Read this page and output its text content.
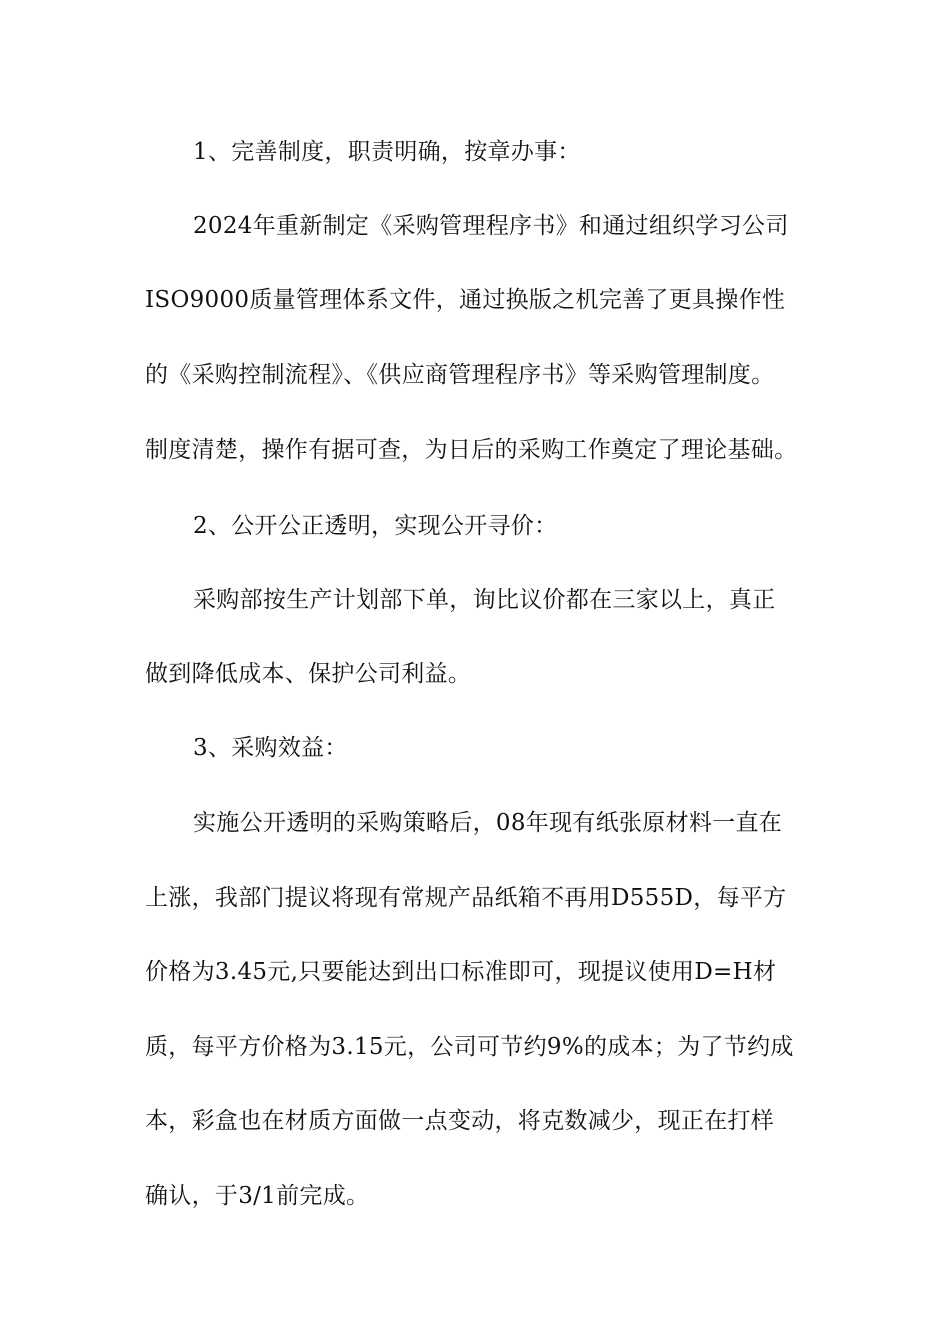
1、完善制度，职责明确，按章办事：
2024年重新制定《采购管理程序书》和通过组织学习公司
ISO9000质量管理体系文件，通过换版之机完善了更具操作性
的《采购控制流程》、《供应商管理程序书》等采购管理制度。
制度清楚，操作有据可查，为日后的采购工作奠定了理论基础。
2、公开公正透明，实现公开寻价：
采购部按生产计划部下单，询比议价都在三家以上，真正
做到降低成本、保护公司利益。
3、采购效益：
实施公开透明的采购策略后，08年现有纸张原材料一直在
上涨，我部门提议将现有常规产品纸箱不再用D555D，每平方
价格为3.45元,只要能达到出口标准即可，现提议使用D=H材
质，每平方价格为3.15元，公司可节约9%的成本；为了节约成
本，彩盒也在材质方面做一点变动，将克数减少，现正在打样
确认，于3/1前完成。
